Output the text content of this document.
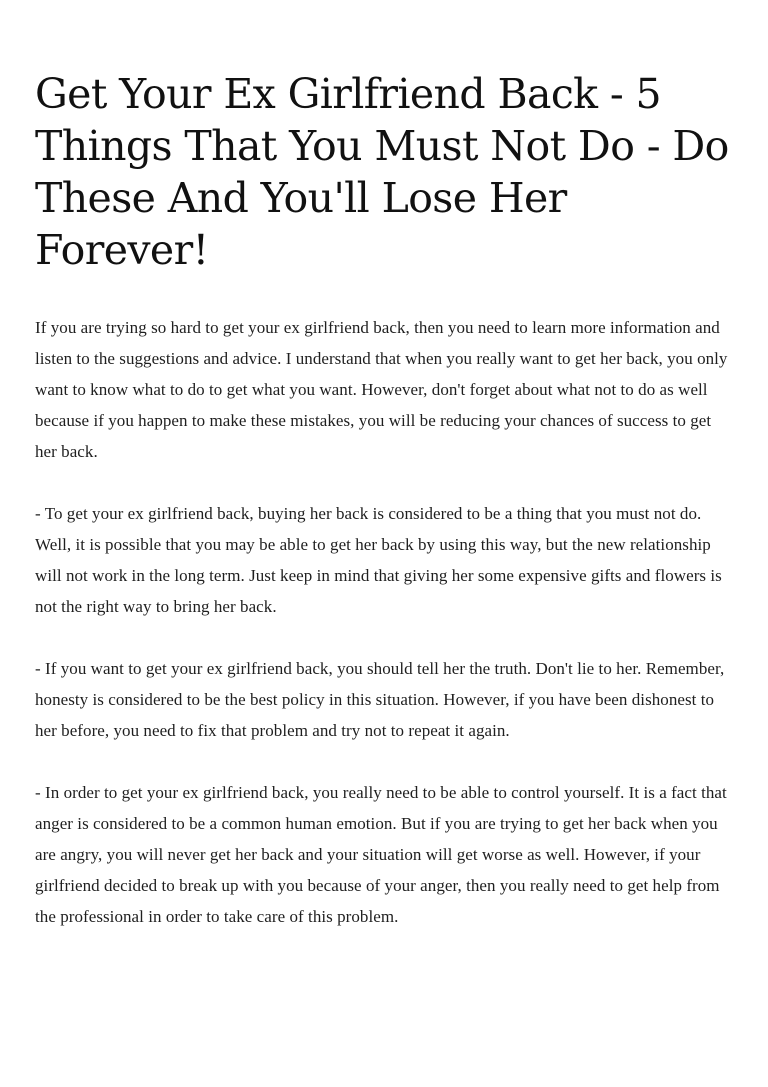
Get Your Ex Girlfriend Back - 5 Things That You Must Not Do - Do These And You'll Lose Her Forever!

If you are trying so hard to get your ex girlfriend back, then you need to learn more information and listen to the suggestions and advice. I understand that when you really want to get her back, you only want to know what to do to get what you want. However, don't forget about what not to do as well because if you happen to make these mistakes, you will be reducing your chances of success to get her back.

- To get your ex girlfriend back, buying her back is considered to be a thing that you must not do. Well, it is possible that you may be able to get her back by using this way, but the new relationship will not work in the long term. Just keep in mind that giving her some expensive gifts and flowers is not the right way to bring her back.

- If you want to get your ex girlfriend back, you should tell her the truth. Don't lie to her. Remember, honesty is considered to be the best policy in this situation. However, if you have been dishonest to her before, you need to fix that problem and try not to repeat it again.

- In order to get your ex girlfriend back, you really need to be able to control yourself. It is a fact that anger is considered to be a common human emotion. But if you are trying to get her back when you are angry, you will never get her back and your situation will get worse as well. However, if your girlfriend decided to break up with you because of your anger, then you really need to get help from the professional in order to take care of this problem.
